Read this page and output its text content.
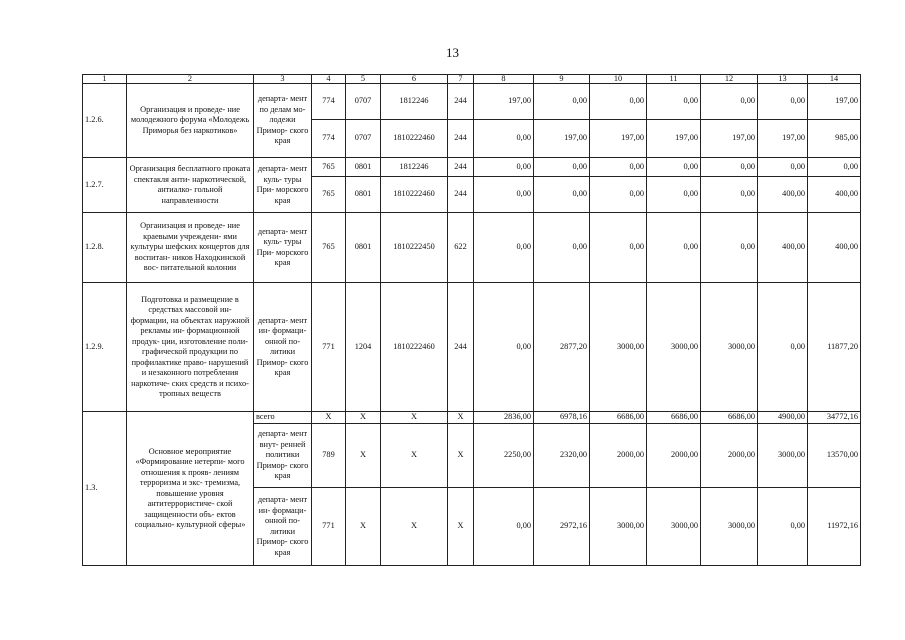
13
1	2	3	4	5	6	7	8	9	10	11	12	13	14
1.2.6.	Организация и проведе- ние молодежного форума «Молодежь Приморья без наркотиков»	департа- мент по делам мо- лодежи Примор- ского края	774	0707	1812246	244	197,00	0,00	0,00	0,00	0,00	0,00	197,00
			774	0707	1810222460	244	0,00	197,00	197,00	197,00	197,00	197,00	985,00
1.2.7.	Организация бесплатного проката спектакля анти- наркотической, антиалко- гольной направленности	департа- мент куль- туры При- морского края	765	0801	1812246	244	0,00	0,00	0,00	0,00	0,00	0,00	0,00
			765	0801	1810222460	244	0,00	0,00	0,00	0,00	0,00	400,00	400,00
1.2.8.	Организация и проведе- ние краевыми учреждени- ями культуры шефских концертов для воспитан- ников Находкинской вос- питательной колонии	департа- мент куль- туры При- морского края	765	0801	1810222450	622	0,00	0,00	0,00	0,00	0,00	400,00	400,00
1.2.9.	Подготовка и размещение в средствах массовой ин- формации, на объектах наружной рекламы ин- формационной продук- ции, изготовление поли- графической продукции по профилактике право- нарушений и незаконного потребления наркотиче- ских средств и психо- тропных веществ	департа- мент ин- формаци- онной по- литики Примор- ского края	771	1204	1810222460	244	0,00	2877,20	3000,00	3000,00	3000,00	0,00	11877,20
1.3.	Основное мероприятие «Формирование нетерпи- мого отношения к прояв- лениям терроризма и экс- тремизма, повышение уровня антитеррористиче- ской защищенности объ- ектов социально- культурной сферы»	всего	X	X	X	X	2836,00	6978,16	6686,00	6686,00	6686,00	4900,00	34772,16
		департа- мент внут- ренней политики Примор- ского края	789	X	X	X	2250,00	2320,00	2000,00	2000,00	2000,00	3000,00	13570,00
		департа- мент ин- формаци- онной по- литики Примор- ского края	771	X	X	X	0,00	2972,16	3000,00	3000,00	3000,00	0,00	11972,16
